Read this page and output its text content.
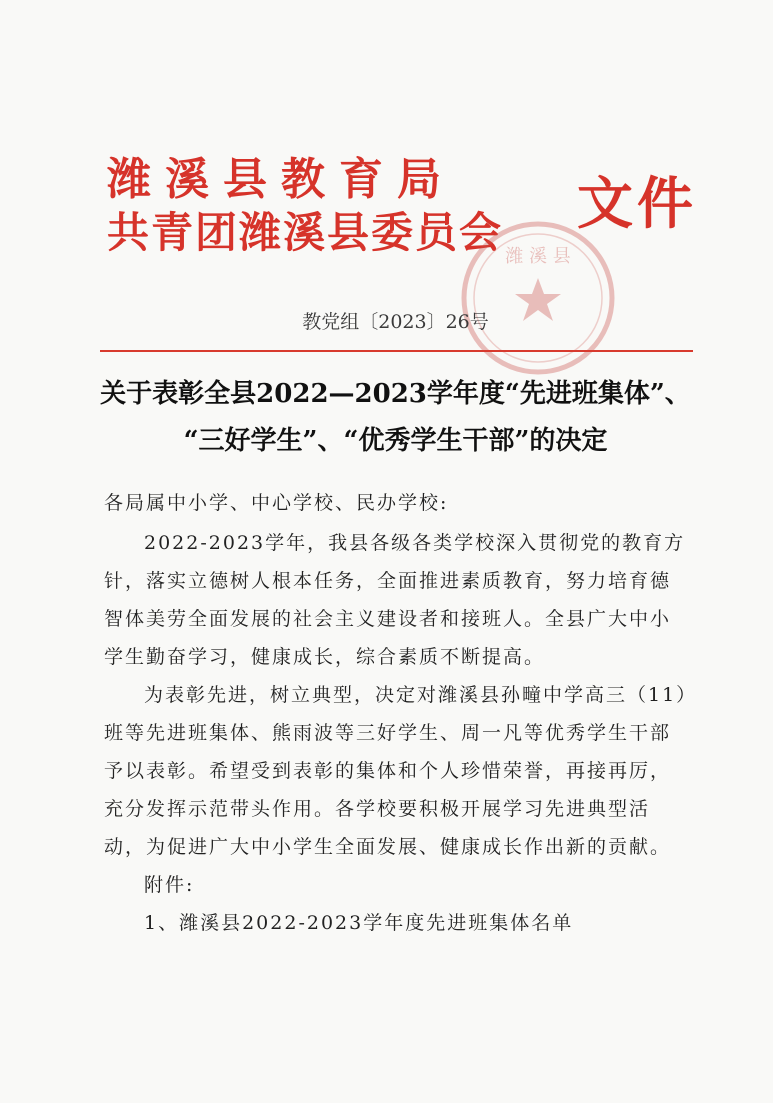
潍溪县教育局
共青团潍溪县委员会 文件
潍 溪 县
教党组〔2023〕26号
关于表彰全县2022—2023学年度“先进班集体”、
“三好学生”、“优秀学生干部”的决定
各局属中小学、中心学校、民办学校:
2022-2023学年，我县各级各类学校深入贯彻党的教育方
针，落实立德树人根本任务，全面推进素质教育，努力培育德
智体美劳全面发展的社会主义建设者和接班人。全县广大中小
学生勤奋学习，健康成长，综合素质不断提高。
为表彰先进，树立典型，决定对潍溪县孙疃中学高三（11）
班等先进班集体、熊雨波等三好学生、周一凡等优秀学生干部
予以表彰。希望受到表彰的集体和个人珍惜荣誉，再接再厉，
充分发挥示范带头作用。各学校要积极开展学习先进典型活
动，为促进广大中小学生全面发展、健康成长作出新的贡献。
附件:
1、潍溪县2022-2023学年度先进班集体名单
